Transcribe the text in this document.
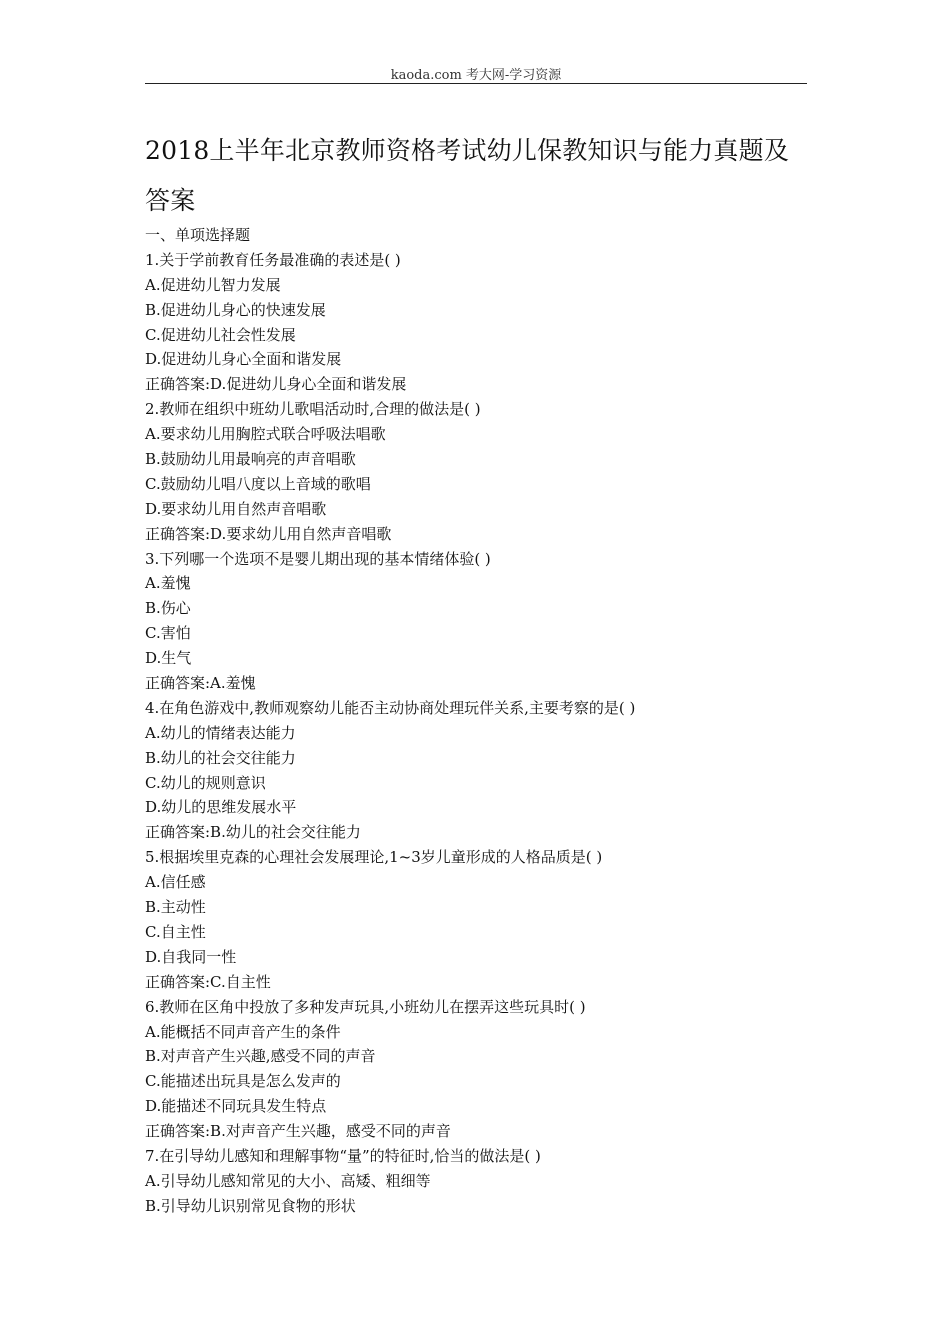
kaoda.com 考大网-学习资源
2018上半年北京教师资格考试幼儿保教知识与能力真题及
答案
一、单项选择题
1.关于学前教育任务最准确的表述是( )
A.促进幼儿智力发展
B.促进幼儿身心的快速发展
C.促进幼儿社会性发展
D.促进幼儿身心全面和谐发展
正确答案:D.促进幼儿身心全面和谐发展
2.教师在组织中班幼儿歌唱活动时,合理的做法是( )
A.要求幼儿用胸腔式联合呼吸法唱歌
B.鼓励幼儿用最响亮的声音唱歌
C.鼓励幼儿唱八度以上音域的歌唱
D.要求幼儿用自然声音唱歌
正确答案:D.要求幼儿用自然声音唱歌
3.下列哪一个选项不是婴儿期出现的基本情绪体验( )
A.羞愧
B.伤心
C.害怕
D.生气
正确答案:A.羞愧
4.在角色游戏中,教师观察幼儿能否主动协商处理玩伴关系,主要考察的是( )
A.幼儿的情绪表达能力
B.幼儿的社会交往能力
C.幼儿的规则意识
D.幼儿的思维发展水平
正确答案:B.幼儿的社会交往能力
5.根据埃里克森的心理社会发展理论,1~3岁儿童形成的人格品质是( )
A.信任感
B.主动性
C.自主性
D.自我同一性
正确答案:C.自主性
6.教师在区角中投放了多种发声玩具,小班幼儿在摆弄这些玩具时( )
A.能概括不同声音产生的条件
B.对声音产生兴趣,感受不同的声音
C.能描述出玩具是怎么发声的
D.能描述不同玩具发生特点
正确答案:B.对声音产生兴趣，感受不同的声音
7.在引导幼儿感知和理解事物“量”的特征时,恰当的做法是( )
A.引导幼儿感知常见的大小、高矮、粗细等
B.引导幼儿识别常见食物的形状
